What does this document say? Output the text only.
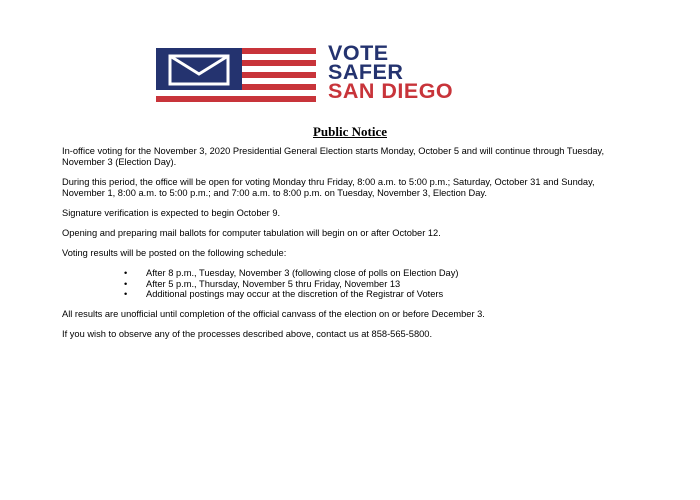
VOTE
SAFER
SAN DIEGO
Public Notice

In-office voting for the November 3, 2020 Presidential General Election starts Monday, October 5 and will continue through Tuesday, November 3 (Election Day).

During this period, the office will be open for voting Monday thru Friday, 8:00 a.m. to 5:00 p.m.; Saturday, October 31 and Sunday, November 1, 8:00 a.m. to 5:00 p.m.; and 7:00 a.m. to 8:00 p.m. on Tuesday, November 3, Election Day.

Signature verification is expected to begin October 9.

Opening and preparing mail ballots for computer tabulation will begin on or after October 12.

Voting results will be posted on the following schedule:

• After 8 p.m., Tuesday, November 3 (following close of polls on Election Day)
• After 5 p.m., Thursday, November 5 thru Friday, November 13
• Additional postings may occur at the discretion of the Registrar of Voters

All results are unofficial until completion of the official canvass of the election on or before December 3.

If you wish to observe any of the processes described above, contact us at 858-565-5800.
